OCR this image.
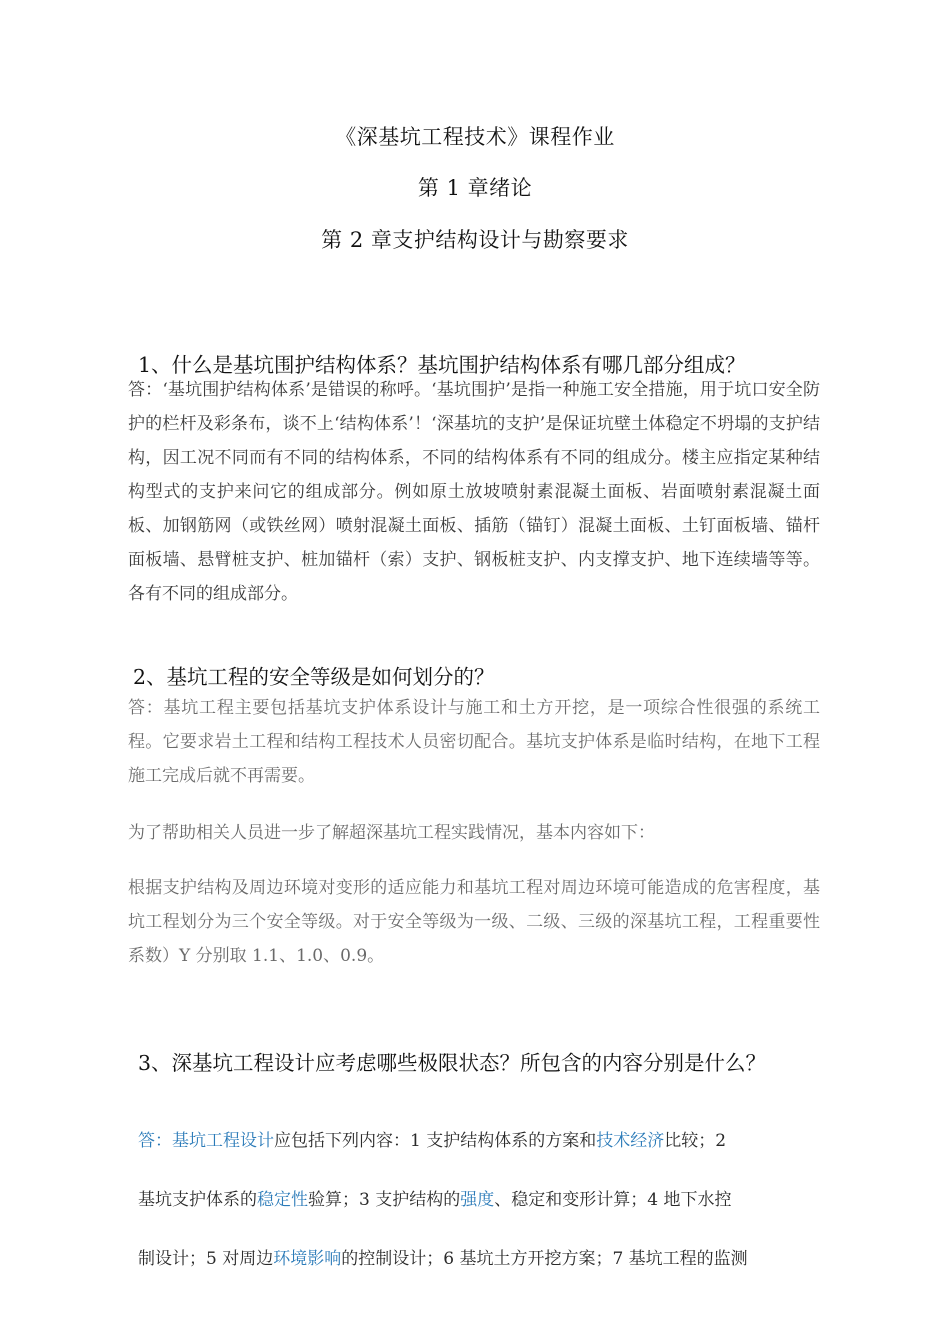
《深基坑工程技术》课程作业
第 1 章绪论
第 2 章支护结构设计与勘察要求
1、什么是基坑围护结构体系？基坑围护结构体系有哪几部分组成？
答：‘基坑围护结构体系’是错误的称呼。‘基坑围护’是指一种施工安全措施，用于坑口安全防护的栏杆及彩条布，谈不上‘结构体系’！‘深基坑的支护’是保证坑壁土体稳定不坍塌的支护结构，因工况不同而有不同的结构体系，不同的结构体系有不同的组成分。楼主应指定某种结构型式的支护来问它的组成部分。例如原土放坡喷射素混凝土面板、岩面喷射素混凝土面板、加钢筋网（或铁丝网）喷射混凝土面板、插筋（锚钉）混凝土面板、土钉面板墙、锚杆面板墙、悬臂桩支护、桩加锚杆（索）支护、钢板桩支护、内支撑支护、地下连续墙等等。各有不同的组成部分。
2、基坑工程的安全等级是如何划分的？
答：基坑工程主要包括基坑支护体系设计与施工和土方开挖，是一项综合性很强的系统工程。它要求岩土工程和结构工程技术人员密切配合。基坑支护体系是临时结构，在地下工程施工完成后就不再需要。
为了帮助相关人员进一步了解超深基坑工程实践情况，基本内容如下：
根据支护结构及周边环境对变形的适应能力和基坑工程对周边环境可能造成的危害程度，基坑工程划分为三个安全等级。对于安全等级为一级、二级、三级的深基坑工程，工程重要性系数）Y 分别取 1.1、1.0、0.9。
3、深基坑工程设计应考虑哪些极限状态？所包含的内容分别是什么？
答：基坑工程设计应包括下列内容：1 支护结构体系的方案和技术经济比较；2
基坑支护体系的稳定性验算；3 支护结构的强度、稳定和变形计算；4 地下水控
制设计；5 对周边环境影响的控制设计；6 基坑土方开挖方案；7 基坑工程的监测
